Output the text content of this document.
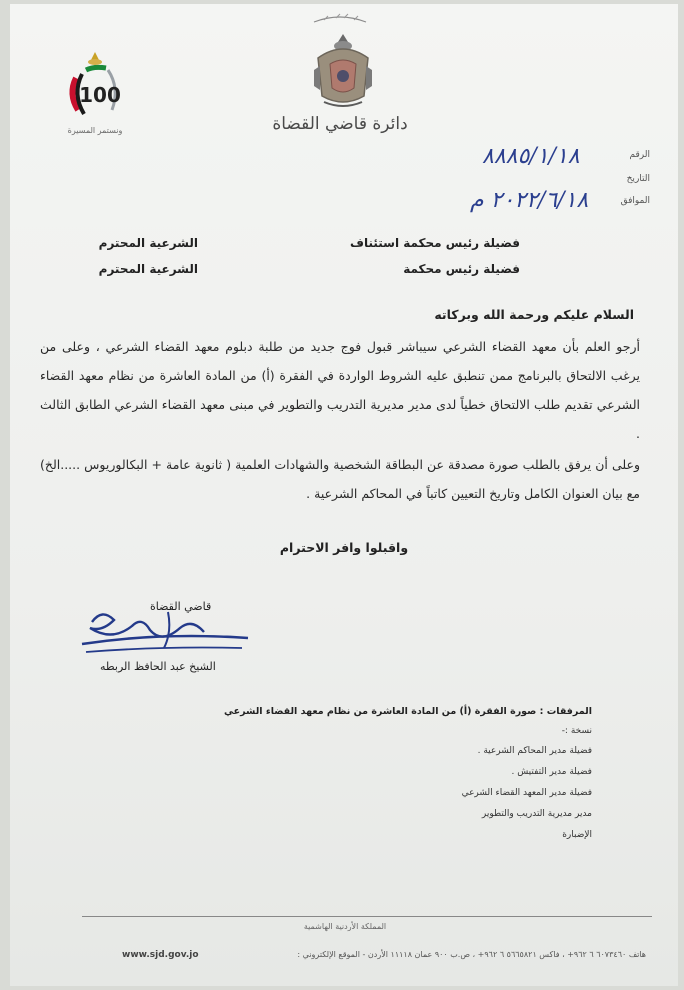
دائرة قاضي القضاة
100
ونستمر المسيرة
الرقم
التاريخ
الموافق
٨٨٨٥/١/١٨
٢٠٢٢/٦/١٨ م
فضيلة رئيس محكمة استئناف
الشرعية المحترم
فضيلة رئيس محكمة
الشرعية المحترم
السلام عليكم ورحمة الله وبركاته
أرجو العلم بأن معهد القضاء الشرعي سيباشر قبول فوج جديد من طلبة دبلوم معهد القضاء الشرعي ، وعلى من يرغب الالتحاق بالبرنامج ممن تنطبق عليه الشروط الواردة في الفقرة (أ) من المادة العاشرة من نظام معهد القضاء الشرعي تقديم طلب الالتحاق خطياً لدى مدير مديرية التدريب والتطوير في مبنى معهد القضاء الشرعي الطابق الثالث .
وعلى أن يرفق بالطلب صورة مصدقة عن البطاقة الشخصية والشهادات العلمية ( ثانوية عامة + البكالوريوس .....الخ) مع بيان العنوان الكامل وتاريخ التعيين كاتباً في المحاكم الشرعية .
واقبلوا وافر الاحترام
قاضي القضاة
الشيخ عبد الحافظ الربطه
المرفقات : صورة الفقرة (أ) من المادة العاشرة من نظام معهد القضاء الشرعي
نسخة :-
فضيلة مدير المحاكم الشرعية .
فضيلة مدير التفتيش .
فضيلة مدير المعهد القضاء الشرعي
مدير مديرية التدريب والتطوير
الإضبارة
المملكة الأردنية الهاشمية
هاتف ٦٠٧٣٤٦٠ ٦ ٩٦٢+ ، فاكس ٥٦٦٥٨٢١ ٦ ٩٦٢+ ، ص.ب ٩٠٠ عمان ١١١١٨ الأردن - الموقع الإلكتروني :
www.sjd.gov.jo
